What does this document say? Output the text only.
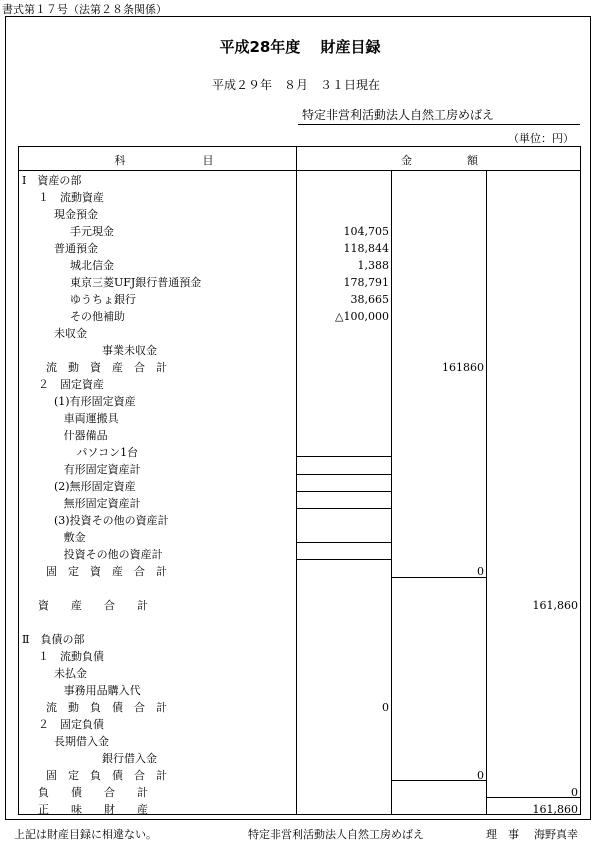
書式第１７号（法第２８条関係）
平成28年度　 財産目録
平成２９年　８月　３１日現在
特定非営利活動法人自然工房めばえ
（単位：円）
科　　　　　　　目	金　　　　　額
Ⅰ　資産の部
１　流動資産
現金預金
手元現金	104,705
普通預金	118,844
城北信金	1,388
東京三菱UFJ銀行普通預金	178,791
ゆうちょ銀行	38,665
その他補助	△100,000
未収金
事業未収金
流　動　資　産　合　計	161860
２　固定資産
(1)有形固定資産
車両運搬具
什器備品
パソコン1台
有形固定資産計
(2)無形固定資産
無形固定資産計
(3)投資その他の資産計
敷金
投資その他の資産計
固　定　資　産　合　計	0
資　　産　　合　　計	161,860
Ⅱ　負債の部
１　流動負債
未払金
事務用品購入代
流　動　負　債　合　計	0
２　固定負債
長期借入金
銀行借入金
固　定　負　債　合　計	0
負　　債　　合　　計	0
正　　味　　財　　産	161,860
上記は財産目録に相違ない。	特定非営利活動法人自然工房めばえ	理　事 海野真幸
